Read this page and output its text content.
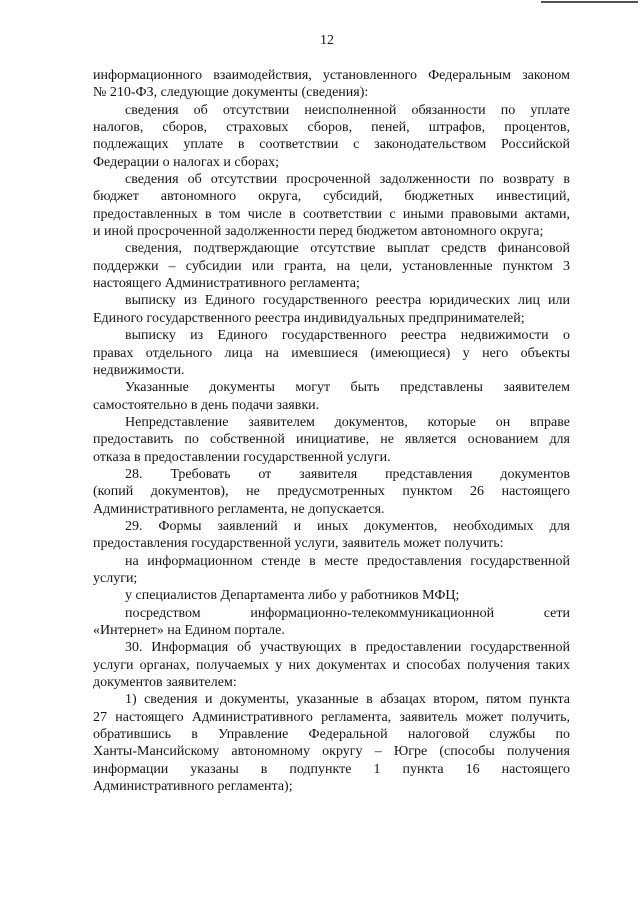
12
информационного взаимодействия, установленного Федеральным законом
№ 210-ФЗ, следующие документы (сведения):
сведения об отсутствии неисполненной обязанности по уплате
налогов, сборов, страховых сборов, пеней, штрафов, процентов,
подлежащих уплате в соответствии с законодательством Российской
Федерации о налогах и сборах;
сведения об отсутствии просроченной задолженности по возврату в
бюджет автономного округа, субсидий, бюджетных инвестиций,
предоставленных в том числе в соответствии с иными правовыми актами,
и иной просроченной задолженности перед бюджетом автономного округа;
сведения, подтверждающие отсутствие выплат средств финансовой
поддержки – субсидии или гранта, на цели, установленные пунктом 3
настоящего Административного регламента;
выписку из Единого государственного реестра юридических лиц или
Единого государственного реестра индивидуальных предпринимателей;
выписку из Единого государственного реестра недвижимости о
правах отдельного лица на имевшиеся (имеющиеся) у него объекты
недвижимости.
Указанные документы могут быть представлены заявителем
самостоятельно в день подачи заявки.
Непредставление заявителем документов, которые он вправе
предоставить по собственной инициативе, не является основанием для
отказа в предоставлении государственной услуги.
28. Требовать от заявителя представления документов
(копий документов), не предусмотренных пунктом 26 настоящего
Административного регламента, не допускается.
29. Формы заявлений и иных документов, необходимых для
предоставления государственной услуги, заявитель может получить:
на информационном стенде в месте предоставления государственной
услуги;
у специалистов Департамента либо у работников МФЦ;
посредством информационно-телекоммуникационной сети
«Интернет» на Едином портале.
30. Информация об участвующих в предоставлении государственной
услуги органах, получаемых у них документах и способах получения таких
документов заявителем:
1) сведения и документы, указанные в абзацах втором, пятом пункта
27 настоящего Административного регламента, заявитель может получить,
обратившись в Управление Федеральной налоговой службы по
Ханты-Мансийскому автономному округу – Югре (способы получения
информации указаны в подпункте 1 пункта 16 настоящего
Административного регламента);
